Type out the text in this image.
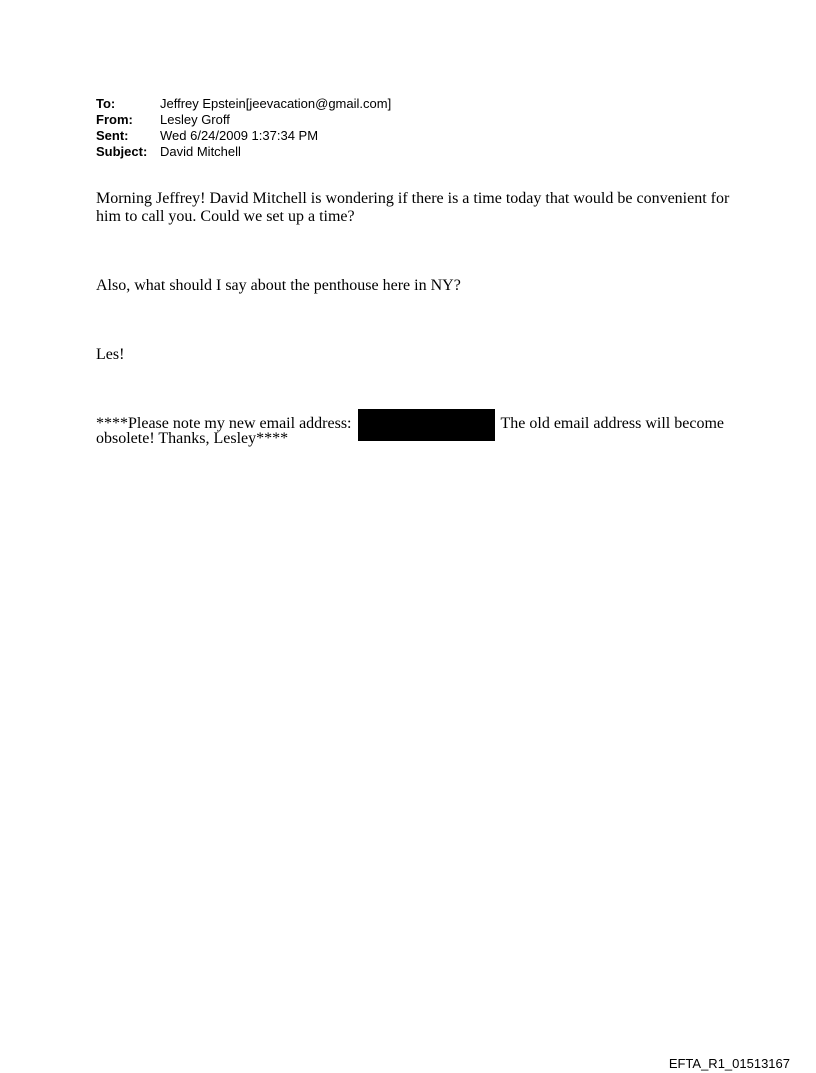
To:	Jeffrey Epstein[jeevacation@gmail.com]
From:	Lesley Groff
Sent:	Wed 6/24/2009 1:37:34 PM
Subject: David Mitchell

Morning Jeffrey! David Mitchell is wondering if there is a time today that would be convenient for him to call you. Could we set up a time?

Also, what should I say about the penthouse here in NY?

Les!

****Please note my new email address:	The old email address will become
obsolete! Thanks, Lesley****
EFTA_R1_01513167
